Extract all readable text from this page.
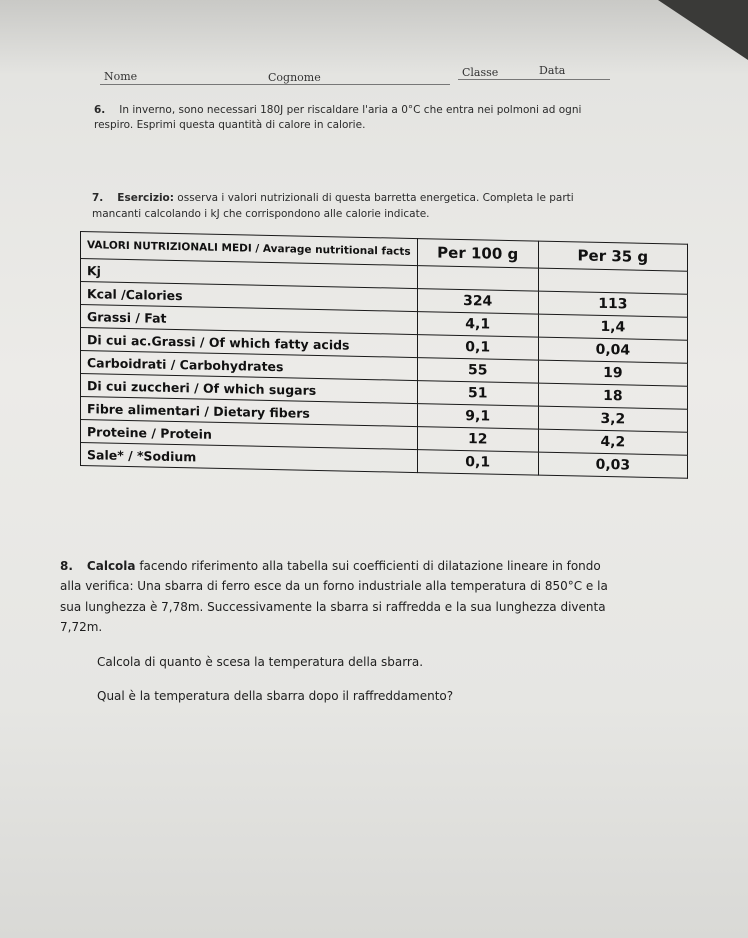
Nome	Cognome	Classe	Data
6. In inverno, sono necessari 180J per riscaldare l'aria a 0°C che entra nei polmoni ad ogni
respiro. Esprimi questa quantità di calore in calorie.
7. Esercizio: osserva i valori nutrizionali di questa barretta energetica. Completa le parti
mancanti calcolando i kJ che corrispondono alle calorie indicate.
VALORI NUTRIZIONALI MEDI / Avarage nutritional facts	Per 100 g	Per 35 g
Kj		
Kcal /Calories	324	113
Grassi / Fat	4,1	1,4
Di cui ac.Grassi / Of which fatty acids	0,1	0,04
Carboidrati / Carbohydrates	55	19
Di cui zuccheri / Of which sugars	51	18
Fibre alimentari / Dietary fibers	9,1	3,2
Proteine / Protein	12	4,2
Sale* / *Sodium	0,1	0,03
8. Calcola facendo riferimento alla tabella sui coefficienti di dilatazione lineare in fondo
alla verifica: Una sbarra di ferro esce da un forno industriale alla temperatura di 850°C e la
sua lunghezza è 7,78m. Successivamente la sbarra si raffredda e la sua lunghezza diventa
7,72m.
Calcola di quanto è scesa la temperatura della sbarra.
Qual è la temperatura della sbarra dopo il raffreddamento?
